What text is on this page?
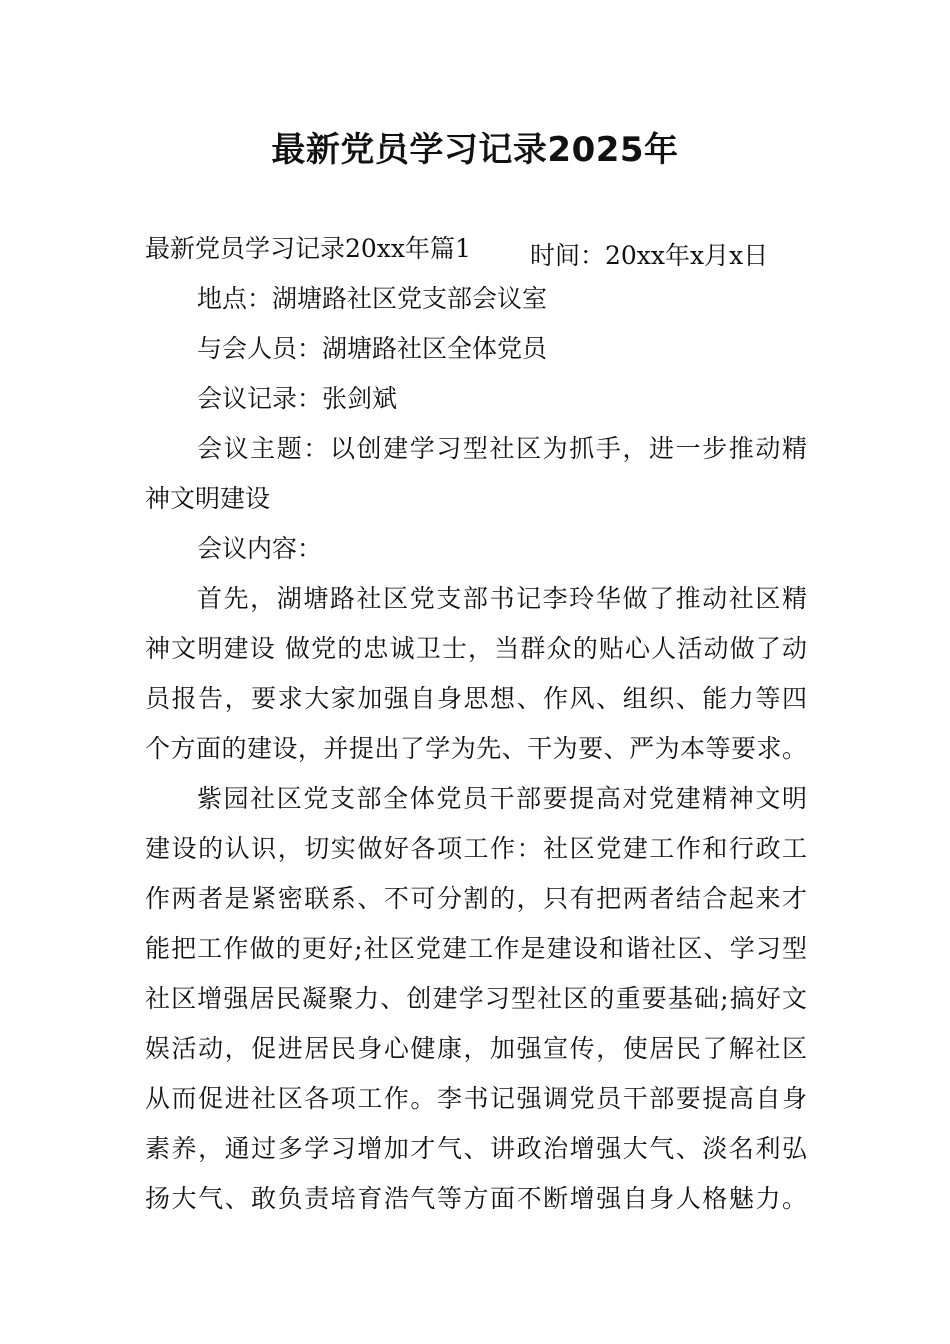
最新党员学习记录2025年
最新党员学习记录20xx年篇1 时间：20xx年x月x日
地点：湖塘路社区党支部会议室
与会人员：湖塘路社区全体党员
会议记录：张剑斌
会议主题：以创建学习型社区为抓手，进一步推动精
神文明建设
会议内容：
首先，湖塘路社区党支部书记李玲华做了推动社区精
神文明建设 做党的忠诚卫士，当群众的贴心人活动做了动
员报告，要求大家加强自身思想、作风、组织、能力等四
个方面的建设，并提出了学为先、干为要、严为本等要求。
紫园社区党支部全体党员干部要提高对党建精神文明
建设的认识，切实做好各项工作：社区党建工作和行政工
作两者是紧密联系、不可分割的，只有把两者结合起来才
能把工作做的更好;社区党建工作是建设和谐社区、学习型
社区增强居民凝聚力、创建学习型社区的重要基础;搞好文
娱活动，促进居民身心健康，加强宣传，使居民了解社区
从而促进社区各项工作。李书记强调党员干部要提高自身
素养，通过多学习增加才气、讲政治增强大气、淡名利弘
扬大气、敢负责培育浩气等方面不断增强自身人格魅力。
